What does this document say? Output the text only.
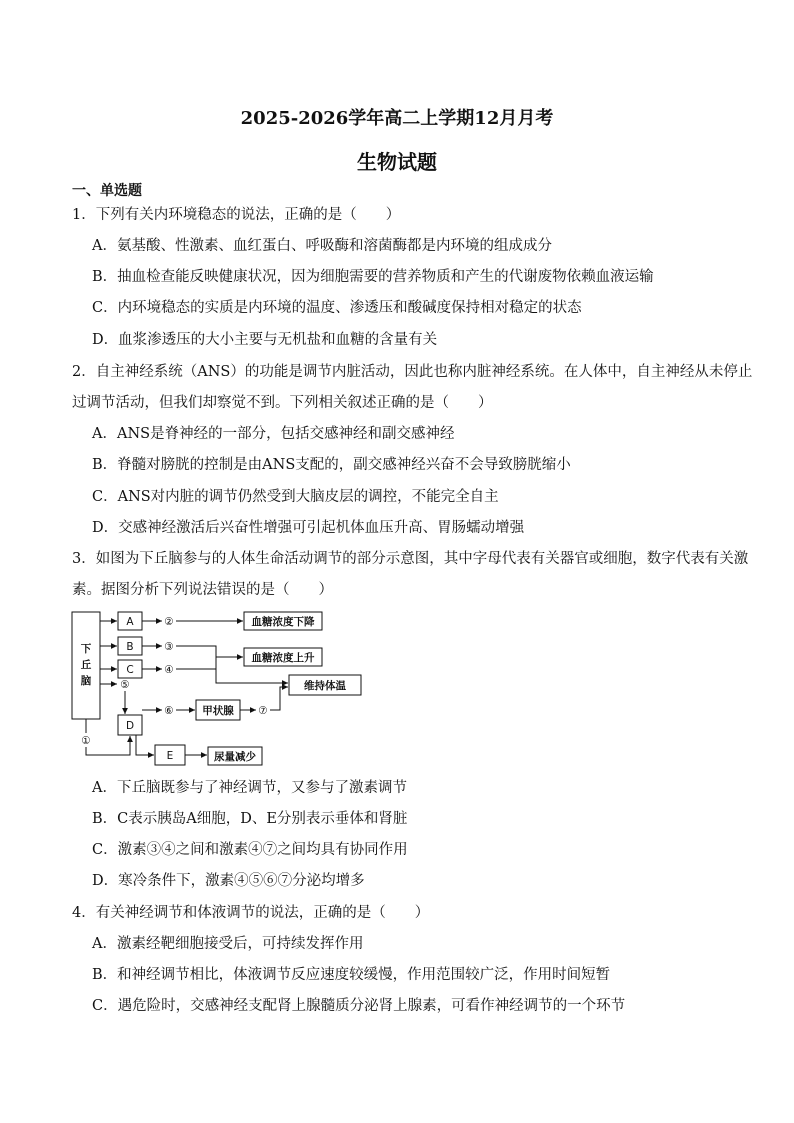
2025-2026学年高二上学期12月月考
生物试题
一、单选题
1．下列有关内环境稳态的说法，正确的是（　　）
A．氨基酸、性激素、血红蛋白、呼吸酶和溶菌酶都是内环境的组成成分
B．抽血检查能反映健康状况，因为细胞需要的营养物质和产生的代谢废物依赖血液运输
C．内环境稳态的实质是内环境的温度、渗透压和酸碱度保持相对稳定的状态
D．血浆渗透压的大小主要与无机盐和血糖的含量有关
2．自主神经系统（ANS）的功能是调节内脏活动，因此也称内脏神经系统。在人体中，自主神经从未停止
过调节活动，但我们却察觉不到。下列相关叙述正确的是（　　）
A．ANS是脊神经的一部分，包括交感神经和副交感神经
B．脊髓对膀胱的控制是由ANS支配的，副交感神经兴奋不会导致膀胱缩小
C．ANS对内脏的调节仍然受到大脑皮层的调控，不能完全自主
D．交感神经激活后兴奋性增强可引起机体血压升高、胃肠蠕动增强
3．如图为下丘脑参与的人体生命活动调节的部分示意图，其中字母代表有关器官或细胞，数字代表有关激
素。据图分析下列说法错误的是（　　）
下
丘
脑
A
B
C
D
E
②
③
④
⑤
⑥	⑦
①
甲状腺
血糖浓度下降
血糖浓度上升
维持体温
尿量减少
A．下丘脑既参与了神经调节，又参与了激素调节
B．C表示胰岛A细胞，D、E分别表示垂体和肾脏
C．激素③④之间和激素④⑦之间均具有协同作用
D．寒冷条件下，激素④⑤⑥⑦分泌均增多
4．有关神经调节和体液调节的说法，正确的是（　　）
A．激素经靶细胞接受后，可持续发挥作用
B．和神经调节相比，体液调节反应速度较缓慢，作用范围较广泛，作用时间短暂
C．遇危险时，交感神经支配肾上腺髓质分泌肾上腺素，可看作神经调节的一个环节
